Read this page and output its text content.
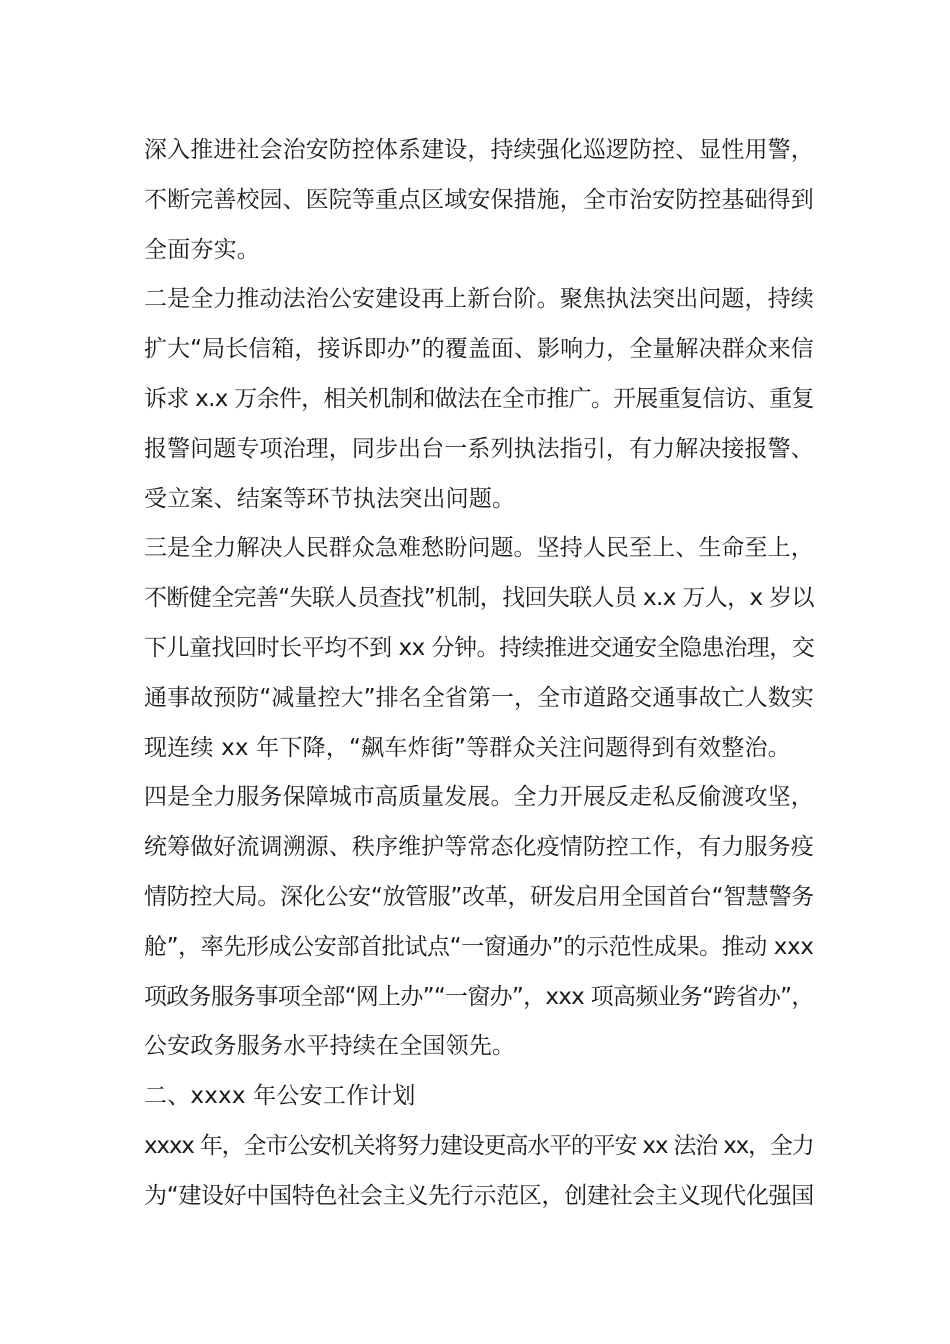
深入推进社会治安防控体系建设，持续强化巡逻防控、显性用警，
不断完善校园、医院等重点区域安保措施，全市治安防控基础得到
全面夯实。
二是全力推动法治公安建设再上新台阶。聚焦执法突出问题，持续
扩大“局长信箱，接诉即办”的覆盖面、影响力，全量解决群众来信
诉求 x.x 万余件，相关机制和做法在全市推广。开展重复信访、重复
报警问题专项治理，同步出台一系列执法指引，有力解决接报警、
受立案、结案等环节执法突出问题。
三是全力解决人民群众急难愁盼问题。坚持人民至上、生命至上，
不断健全完善“失联人员查找”机制，找回失联人员 x.x 万人，x 岁以
下儿童找回时长平均不到 xx 分钟。持续推进交通安全隐患治理，交
通事故预防“减量控大”排名全省第一，全市道路交通事故亡人数实
现连续 xx 年下降，“飙车炸街”等群众关注问题得到有效整治。
四是全力服务保障城市高质量发展。全力开展反走私反偷渡攻坚，
统筹做好流调溯源、秩序维护等常态化疫情防控工作，有力服务疫
情防控大局。深化公安“放管服”改革，研发启用全国首台“智慧警务
舱”，率先形成公安部首批试点“一窗通办”的示范性成果。推动 xxx
项政务服务事项全部“网上办”“一窗办”，xxx 项高频业务“跨省办”，
公安政务服务水平持续在全国领先。
二、xxxx 年公安工作计划
xxxx 年，全市公安机关将努力建设更高水平的平安 xx 法治 xx，全力
为“建设好中国特色社会主义先行示范区，创建社会主义现代化强国
